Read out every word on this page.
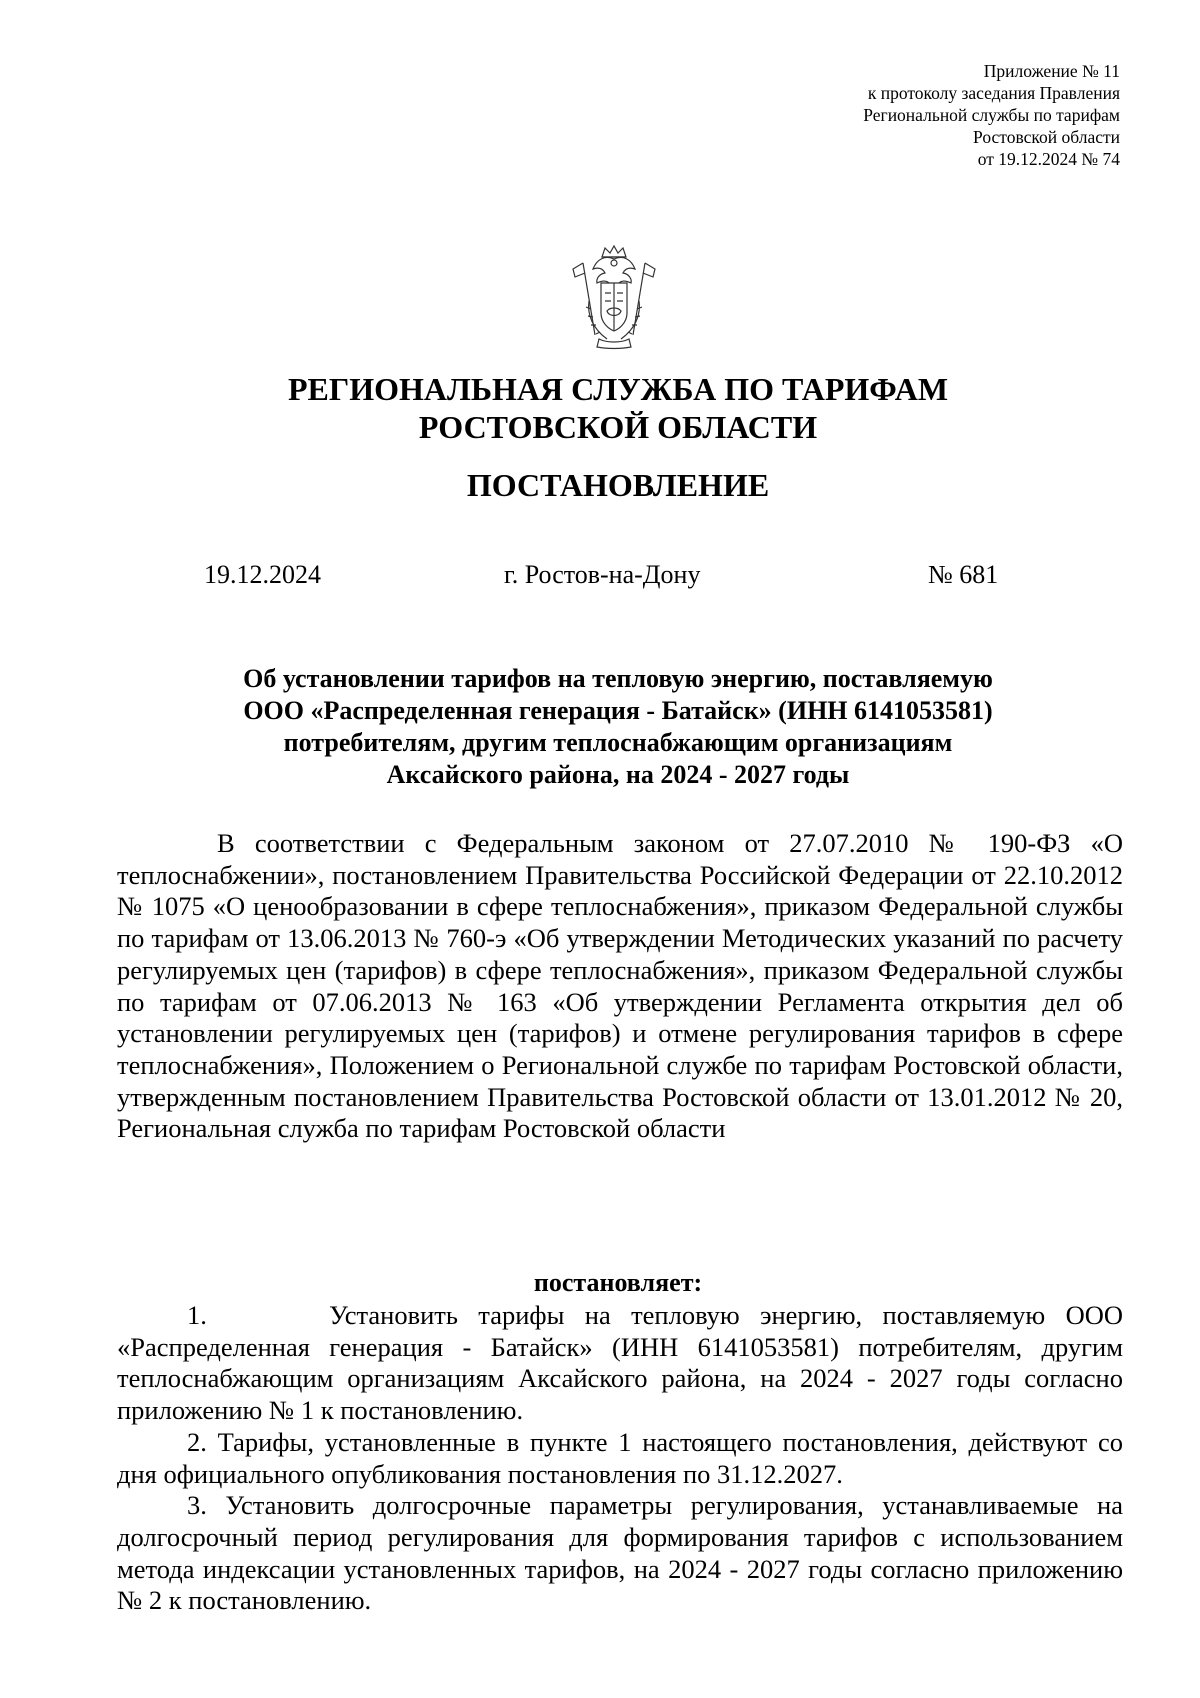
Приложение № 11
к протоколу заседания Правления
Региональной службы по тарифам
Ростовской области
от 19.12.2024 № 74
РЕГИОНАЛЬНАЯ СЛУЖБА ПО ТАРИФАМ
РОСТОВСКОЙ ОБЛАСТИ
ПОСТАНОВЛЕНИЕ
19.12.2024	г. Ростов-на-Дону	№ 681
Об установлении тарифов на тепловую энергию, поставляемую
ООО «Распределенная генерация - Батайск» (ИНН 6141053581)
потребителям, другим теплоснабжающим организациям
Аксайского района, на 2024 - 2027 годы

В соответствии с Федеральным законом от 27.07.2010 № 190-ФЗ «О теплоснабжении», постановлением Правительства Российской Федерации от 22.10.2012 № 1075 «О ценообразовании в сфере теплоснабжения», приказом Федеральной службы по тарифам от 13.06.2013 № 760-э «Об утверждении Методических указаний по расчету регулируемых цен (тарифов) в сфере теплоснабжения», приказом Федеральной службы по тарифам от 07.06.2013 № 163 «Об утверждении Регламента открытия дел об установлении регулируемых цен (тарифов) и отмене регулирования тарифов в сфере теплоснабжения», Положением о Региональной службе по тарифам Ростовской области, утвержденным постановлением Правительства Ростовской области от 13.01.2012 № 20, Региональная служба по тарифам Ростовской области

постановляет:

1.      Установить тарифы на тепловую энергию, поставляемую ООО «Распределенная генерация - Батайск» (ИНН 6141053581) потребителям, другим теплоснабжающим организациям Аксайского района, на 2024 - 2027 годы согласно приложению № 1 к постановлению.

2. Тарифы, установленные в пункте 1 настоящего постановления, действуют со дня официального опубликования постановления по 31.12.2027.

3. Установить долгосрочные параметры регулирования, устанавливаемые на долгосрочный период регулирования для формирования тарифов с использованием метода индексации установленных тарифов, на 2024 - 2027 годы согласно приложению № 2 к постановлению.
